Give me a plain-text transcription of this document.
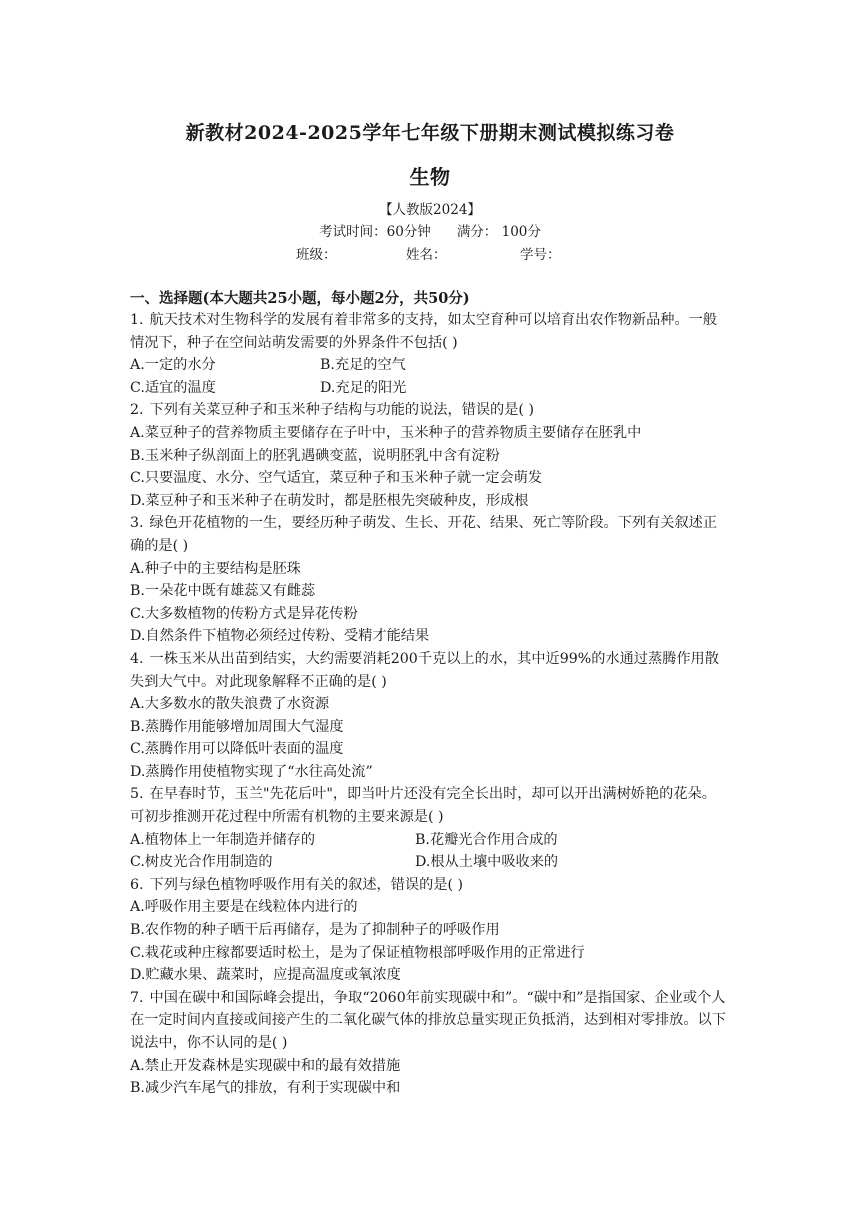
新教材2024-2025学年七年级下册期末测试模拟练习卷
生物
【人教版2024】
考试时间：60分钟 满分： 100分
班级：	姓名：	学号：
一、选择题(本大题共25小题，每小题2分，共50分)

1. 航天技术对生物科学的发展有着非常多的支持，如太空育种可以培育出农作物新品种。一般情况下，种子在空间站萌发需要的外界条件不包括( )

A.一定的水分	B.充足的空气

C.适宜的温度	D.充足的阳光

2. 下列有关菜豆种子和玉米种子结构与功能的说法，错误的是( )

A.菜豆种子的营养物质主要储存在子叶中，玉米种子的营养物质主要储存在胚乳中

B.玉米种子纵剖面上的胚乳遇碘变蓝，说明胚乳中含有淀粉

C.只要温度、水分、空气适宜，菜豆种子和玉米种子就一定会萌发

D.菜豆种子和玉米种子在萌发时，都是胚根先突破种皮，形成根

3. 绿色开花植物的一生，要经历种子萌发、生长、开花、结果、死亡等阶段。下列有关叙述正确的是( )

A.种子中的主要结构是胚珠

B.一朵花中既有雄蕊又有雌蕊

C.大多数植物的传粉方式是异花传粉

D.自然条件下植物必须经过传粉、受精才能结果

4. 一株玉米从出苗到结实，大约需要消耗200千克以上的水，其中近99%的水通过蒸腾作用散失到大气中。对此现象解释不正确的是( )

A.大多数水的散失浪费了水资源

B.蒸腾作用能够增加周围大气湿度

C.蒸腾作用可以降低叶表面的温度

D.蒸腾作用使植物实现了“水往高处流”

5. 在早春时节，玉兰"先花后叶"，即当叶片还没有完全长出时，却可以开出满树娇艳的花朵。可初步推测开花过程中所需有机物的主要来源是( )

A.植物体上一年制造并储存的	B.花瓣光合作用合成的

C.树皮光合作用制造的	D.根从土壤中吸收来的

6. 下列与绿色植物呼吸作用有关的叙述，错误的是( )

A.呼吸作用主要是在线粒体内进行的

B.农作物的种子晒干后再储存，是为了抑制种子的呼吸作用

C.栽花或种庄稼都要适时松土，是为了保证植物根部呼吸作用的正常进行

D.贮藏水果、蔬菜时，应提高温度或氧浓度

7. 中国在碳中和国际峰会提出，争取“2060年前实现碳中和”。“碳中和”是指国家、企业或个人在一定时间内直接或间接产生的二氧化碳气体的排放总量实现正负抵消，达到相对零排放。以下说法中，你不认同的是( )

A.禁止开发森林是实现碳中和的最有效措施

B.减少汽车尾气的排放，有利于实现碳中和
